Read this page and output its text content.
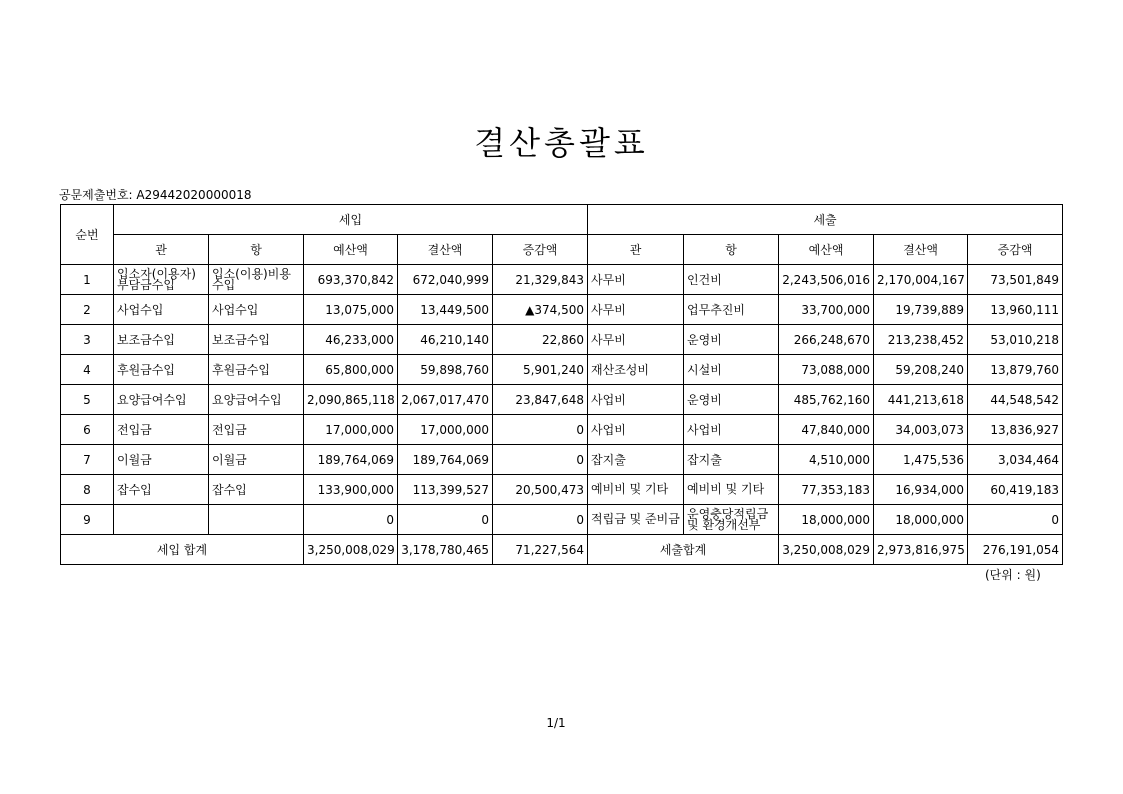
결산총괄표
공문제출번호: A29442020000018
순번	세입					세출				
	관	항	예산액	결산액	증감액	관	항	예산액	결산액	증감액
1	입소자(이용자) 부담금수입	입소(이용)비용 수입	693,370,842	672,040,999	21,329,843	사무비	인건비	2,243,506,016	2,170,004,167	73,501,849
2	사업수입	사업수입	13,075,000	13,449,500	▲374,500	사무비	업무추진비	33,700,000	19,739,889	13,960,111
3	보조금수입	보조금수입	46,233,000	46,210,140	22,860	사무비	운영비	266,248,670	213,238,452	53,010,218
4	후원금수입	후원금수입	65,800,000	59,898,760	5,901,240	재산조성비	시설비	73,088,000	59,208,240	13,879,760
5	요양급여수입	요양급여수입	2,090,865,118	2,067,017,470	23,847,648	사업비	운영비	485,762,160	441,213,618	44,548,542
6	전입금	전입금	17,000,000	17,000,000	0	사업비	사업비	47,840,000	34,003,073	13,836,927
7	이월금	이월금	189,764,069	189,764,069	0	잡지출	잡지출	4,510,000	1,475,536	3,034,464
8	잡수입	잡수입	133,900,000	113,399,527	20,500,473	예비비 및 기타	예비비 및 기타	77,353,183	16,934,000	60,419,183
9			0	0	0	적립금 및 준비금	운영충당적립금 및 환경개선부	18,000,000	18,000,000	0
세입 합계			3,250,008,029	3,178,780,465	71,227,564	세출합계		3,250,008,029	2,973,816,975	276,191,054
(단위 : 원)
1/1
